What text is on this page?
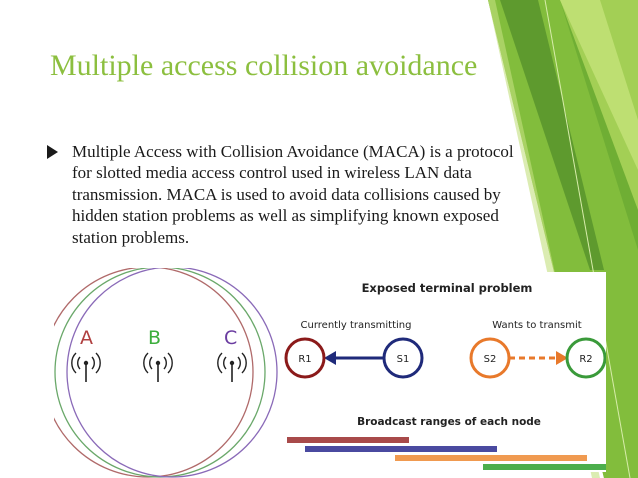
Multiple access collision avoidance

Multiple Access with Collision Avoidance (MACA) is a protocol for slotted media access control used in wireless LAN data transmission. MACA is used to avoid data collisions caused by hidden station problems as well as simplifying known exposed station problems.

A	B	C
Exposed terminal problem
Currently transmitting	Wants to transmit
R1	S1	S2	R2
Broadcast ranges of each node
